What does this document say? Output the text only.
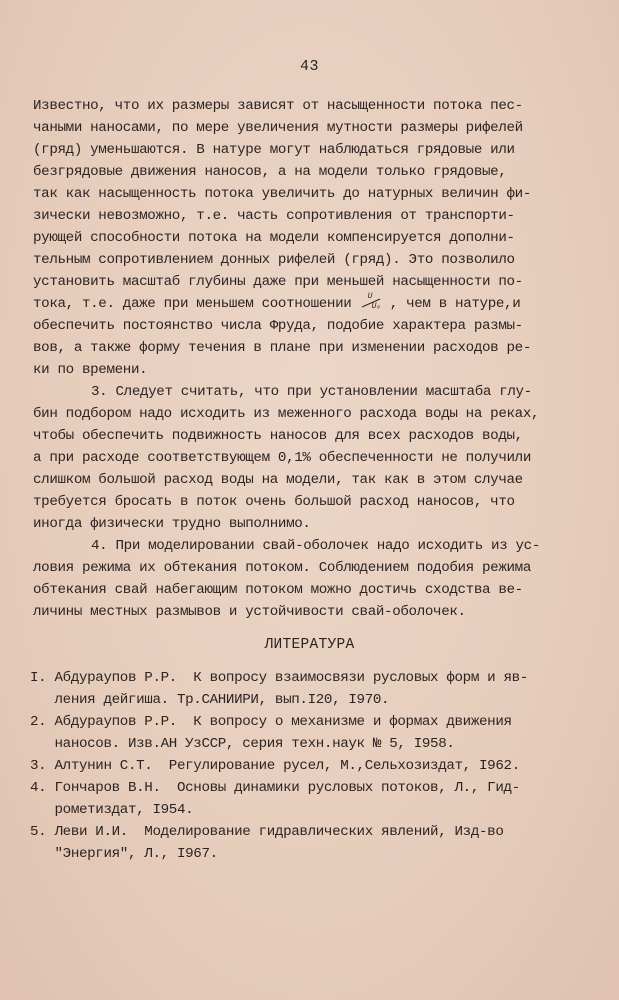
43
Известно, что их размеры зависят от насыщенности потока пес-
чаными наносами, по мере увеличения мутности размеры рифелей
(гряд) уменьшаются. В натуре могут наблюдаться грядовые или
безгрядовые движения наносов, а на модели только грядовые,
так как насыщенность потока увеличить до натурных величин фи-
зически невозможно, т.е. часть сопротивления от транспорти-
рующей способности потока на модели компенсируется дополни-
тельным сопротивлением донных рифелей (гряд). Это позволило
установить масштаб глубины даже при меньшей насыщенности по-
тока, т.е. даже при меньшем соотношении U
U₀ , чем в натуре,и
обеспечить постоянство числа Фруда, подобие характера размы-
вов, а также форму течения в плане при изменении расходов ре-
ки по времени.
3. Следует считать, что при установлении масштаба глу-
бин подбором надо исходить из меженного расхода воды на реках,
чтобы обеспечить подвижность наносов для всех расходов воды,
а при расходе соответствующем 0,1% обеспеченности не получили
слишком большой расход воды на модели, так как в этом случае
требуется бросать в поток очень большой расход наносов, что
иногда физически трудно выполнимо.
4. При моделировании свай-оболочек надо исходить из ус-
ловия режима их обтекания потоком. Соблюдением подобия режима
обтекания свай набегающим потоком можно достичь сходства ве-
личины местных размывов и устойчивости свай-оболочек.
ЛИТЕРАТУРА
I. Абдураупов Р.Р.  К вопросу взаимосвязи русловых форм и яв-
ления дейгиша. Тр.САНИИРИ, вып.I20, I970.
2. Абдураупов Р.Р.  К вопросу о механизме и формах движения
наносов. Изв.АН УзССР, серия техн.наук № 5, I958.
3. Алтунин С.Т.  Регулирование русел, М.,Сельхозиздат, I962.
4. Гончаров В.Н.  Основы динамики русловых потоков, Л., Гид-
рометиздат, I954.
5. Леви И.И.  Моделирование гидравлических явлений, Изд-во
"Энергия", Л., I967.
